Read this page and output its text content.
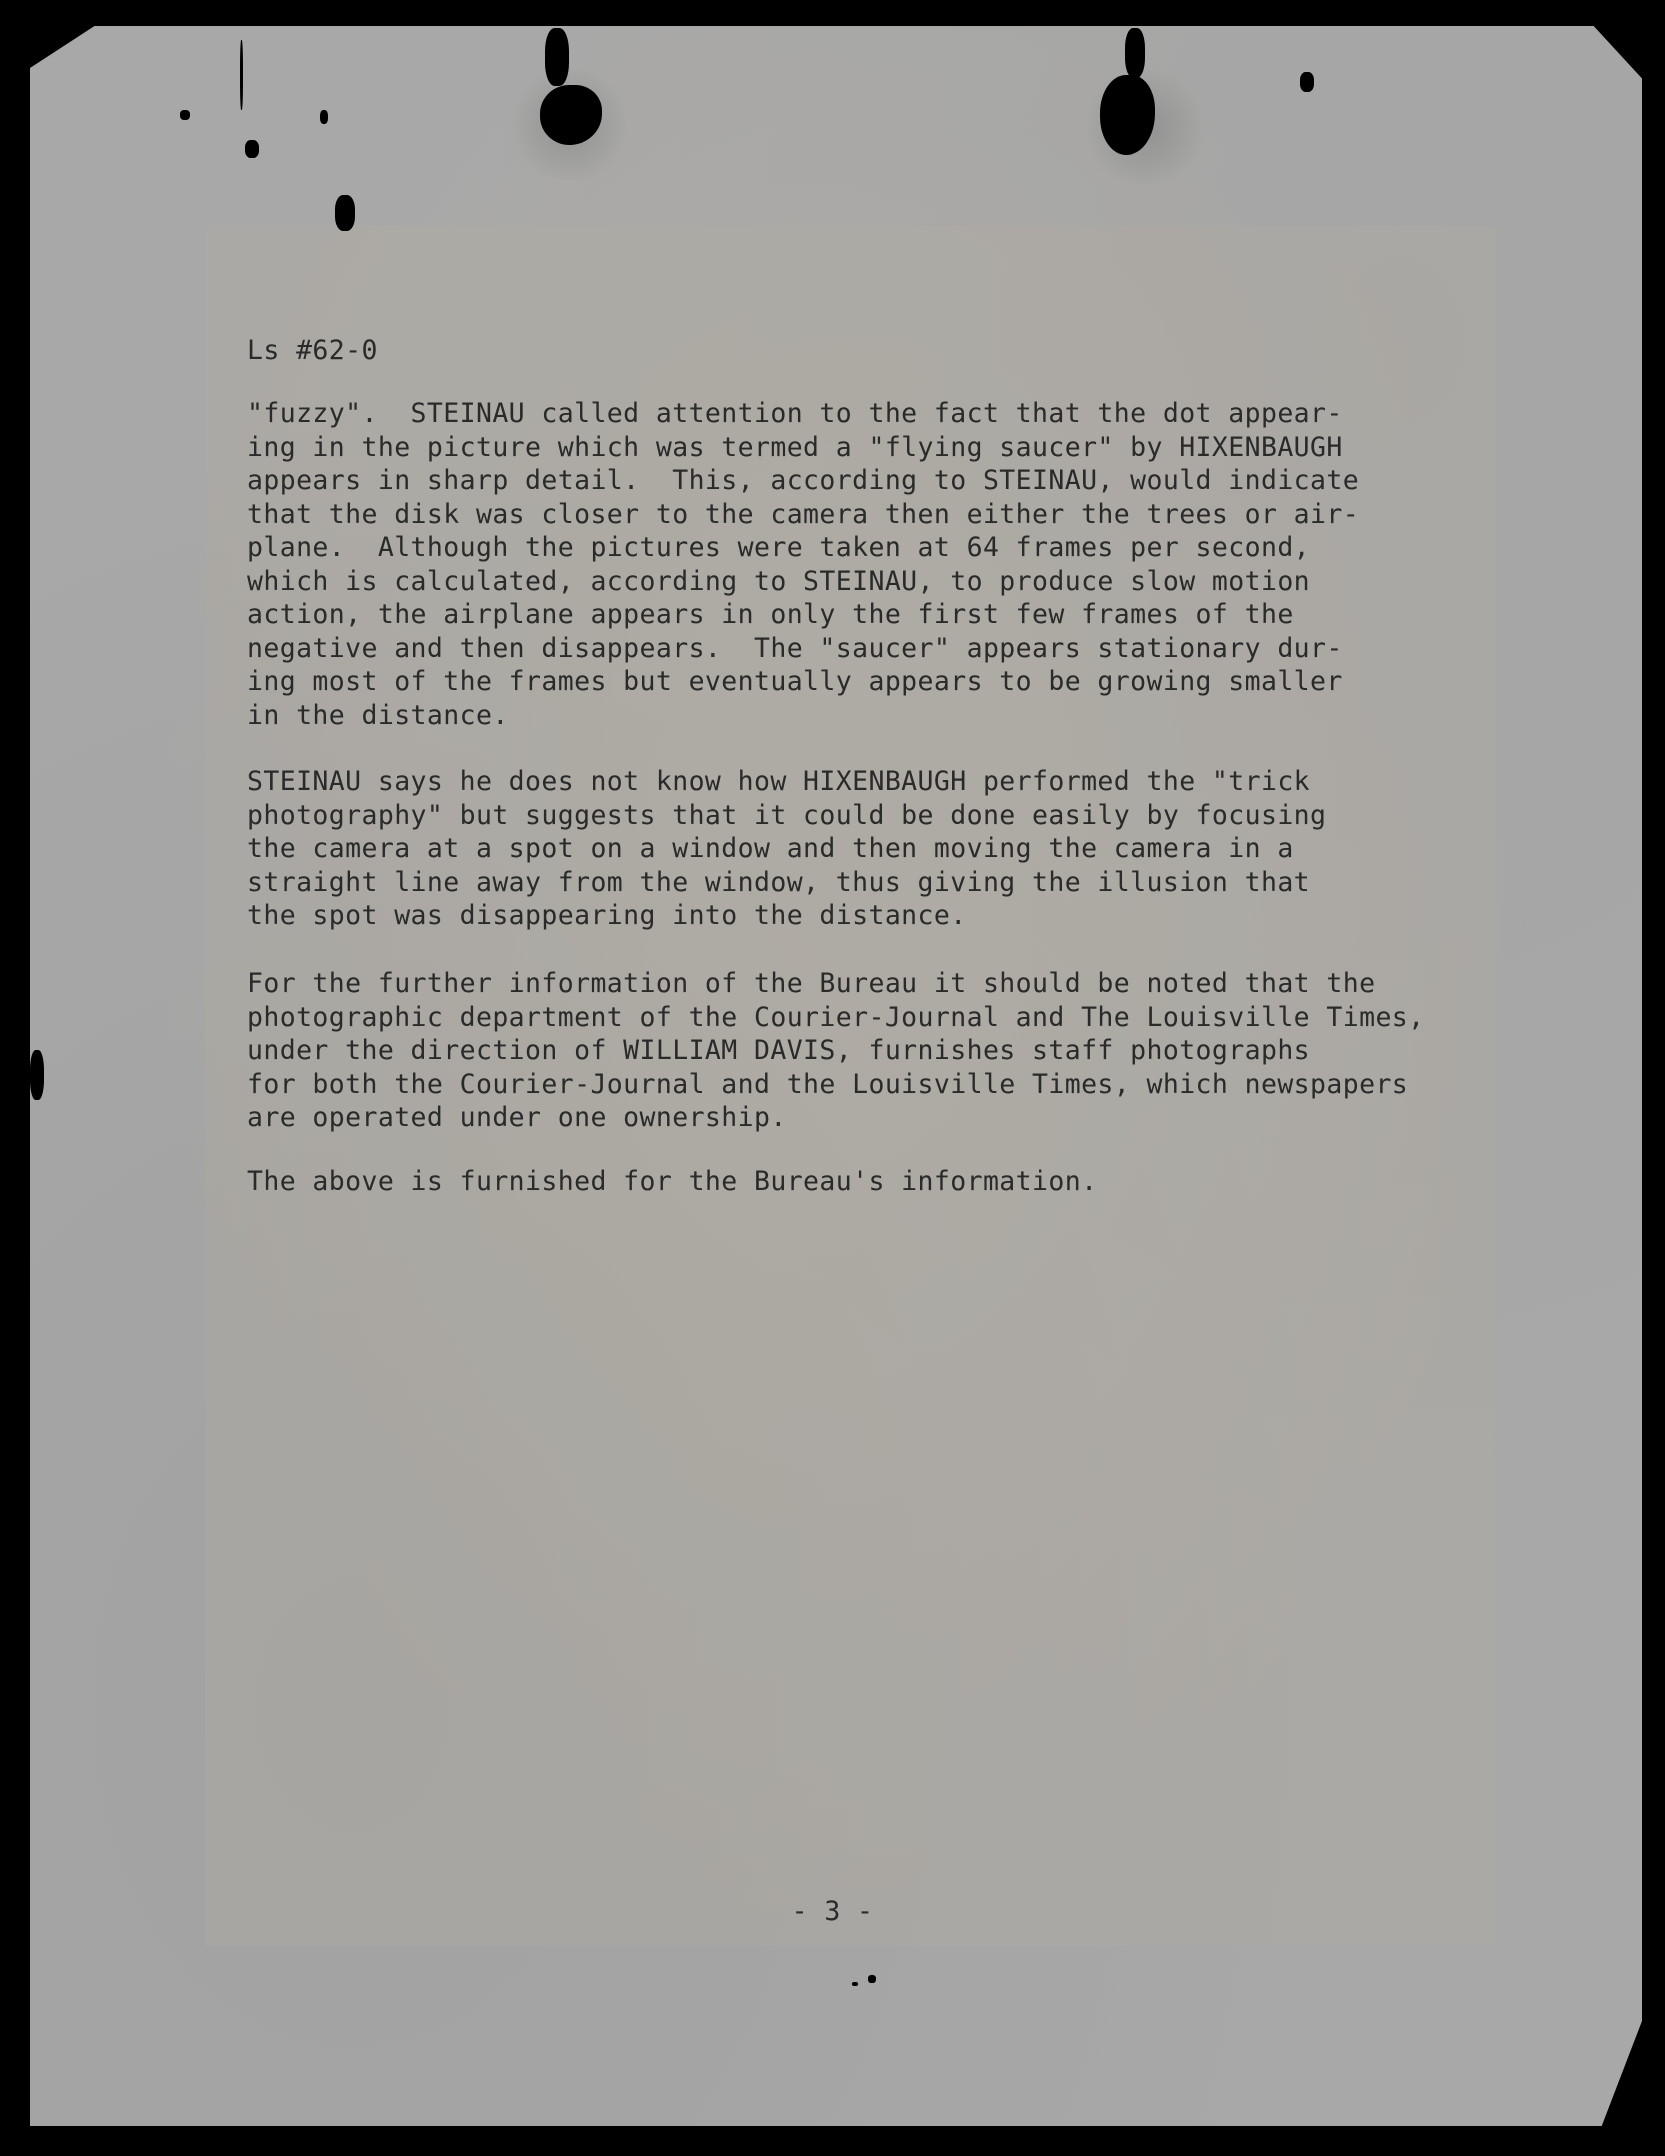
Ls #62-0
"fuzzy".  STEINAU called attention to the fact that the dot appear-
ing in the picture which was termed a "flying saucer" by HIXENBAUGH
appears in sharp detail.  This, according to STEINAU, would indicate
that the disk was closer to the camera then either the trees or air-
plane.  Although the pictures were taken at 64 frames per second,
which is calculated, according to STEINAU, to produce slow motion
action, the airplane appears in only the first few frames of the
negative and then disappears.  The "saucer" appears stationary dur-
ing most of the frames but eventually appears to be growing smaller
in the distance.
STEINAU says he does not know how HIXENBAUGH performed the "trick
photography" but suggests that it could be done easily by focusing
the camera at a spot on a window and then moving the camera in a
straight line away from the window, thus giving the illusion that
the spot was disappearing into the distance.
For the further information of the Bureau it should be noted that the
photographic department of the Courier-Journal and The Louisville Times,
under the direction of WILLIAM DAVIS, furnishes staff photographs
for both the Courier-Journal and the Louisville Times, which newspapers
are operated under one ownership.
The above is furnished for the Bureau's information.
- 3 -
